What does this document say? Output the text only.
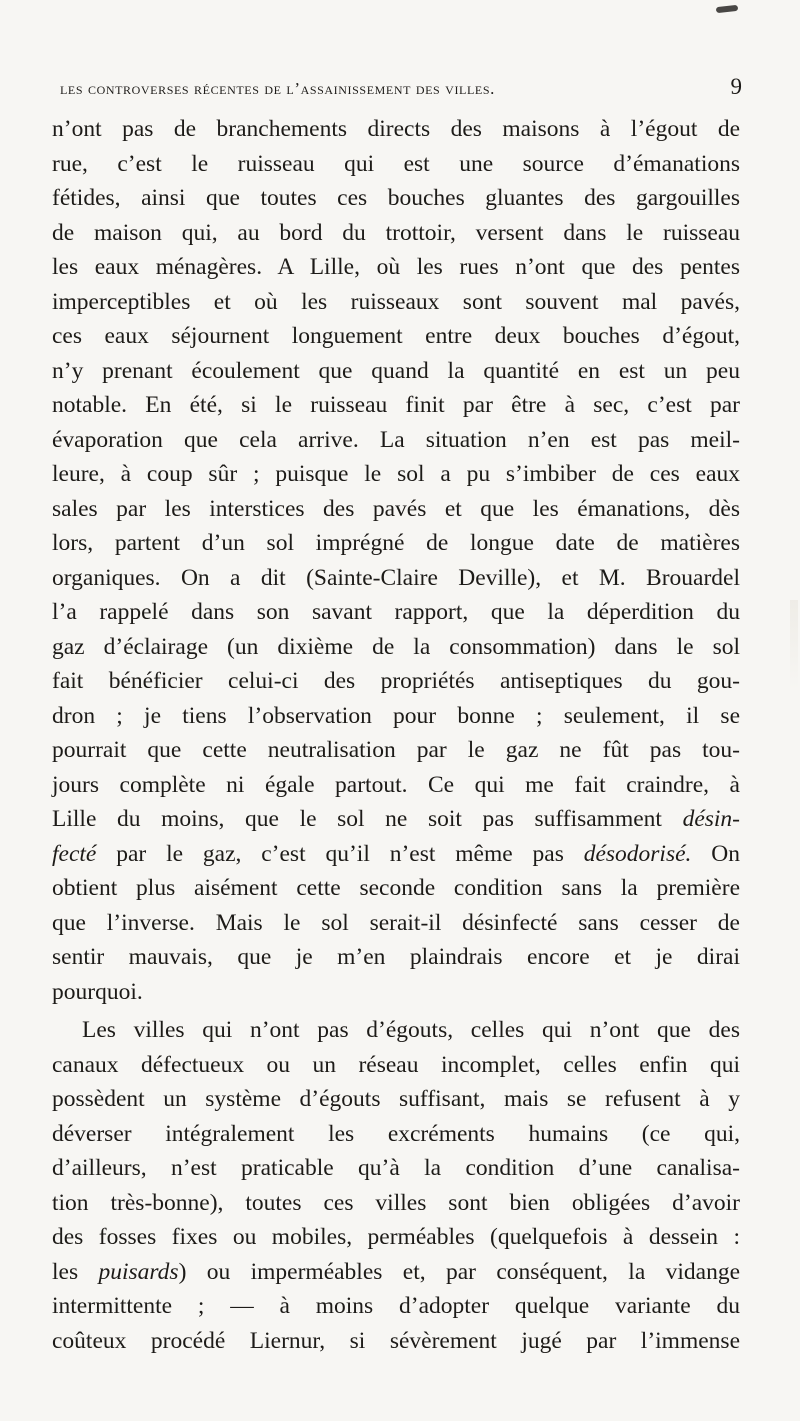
les controverses récentes de l’assainissement des villes.	9
n’ont pas de branchements directs des maisons à l’égout de
rue, c’est le ruisseau qui est une source d’émanations
fétides, ainsi que toutes ces bouches gluantes des gargouilles
de maison qui, au bord du trottoir, versent dans le ruisseau
les eaux ménagères. A Lille, où les rues n’ont que des pentes
imperceptibles et où les ruisseaux sont souvent mal pavés,
ces eaux séjournent longuement entre deux bouches d’égout,
n’y prenant écoulement que quand la quantité en est un peu
notable. En été, si le ruisseau finit par être à sec, c’est par
évaporation que cela arrive. La situation n’en est pas meil-
leure, à coup sûr ; puisque le sol a pu s’imbiber de ces eaux
sales par les interstices des pavés et que les émanations, dès
lors, partent d’un sol imprégné de longue date de matières
organiques. On a dit (Sainte-Claire Deville), et M. Brouardel
l’a rappelé dans son savant rapport, que la déperdition du
gaz d’éclairage (un dixième de la consommation) dans le sol
fait bénéficier celui-ci des propriétés antiseptiques du gou-
dron ; je tiens l’observation pour bonne ; seulement, il se
pourrait que cette neutralisation par le gaz ne fût pas tou-
jours complète ni égale partout. Ce qui me fait craindre, à
Lille du moins, que le sol ne soit pas suffisamment désin-
fecté par le gaz, c’est qu’il n’est même pas désodorisé. On
obtient plus aisément cette seconde condition sans la première
que l’inverse. Mais le sol serait-il désinfecté sans cesser de
sentir mauvais, que je m’en plaindrais encore et je dirai
pourquoi.
Les villes qui n’ont pas d’égouts, celles qui n’ont que des
canaux défectueux ou un réseau incomplet, celles enfin qui
possèdent un système d’égouts suffisant, mais se refusent à y
déverser intégralement les excréments humains (ce qui,
d’ailleurs, n’est praticable qu’à la condition d’une canalisa-
tion très-bonne), toutes ces villes sont bien obligées d’avoir
des fosses fixes ou mobiles, perméables (quelquefois à dessein :
les puisards) ou imperméables et, par conséquent, la vidange
intermittente ; — à moins d’adopter quelque variante du
coûteux procédé Liernur, si sévèrement jugé par l’immense
